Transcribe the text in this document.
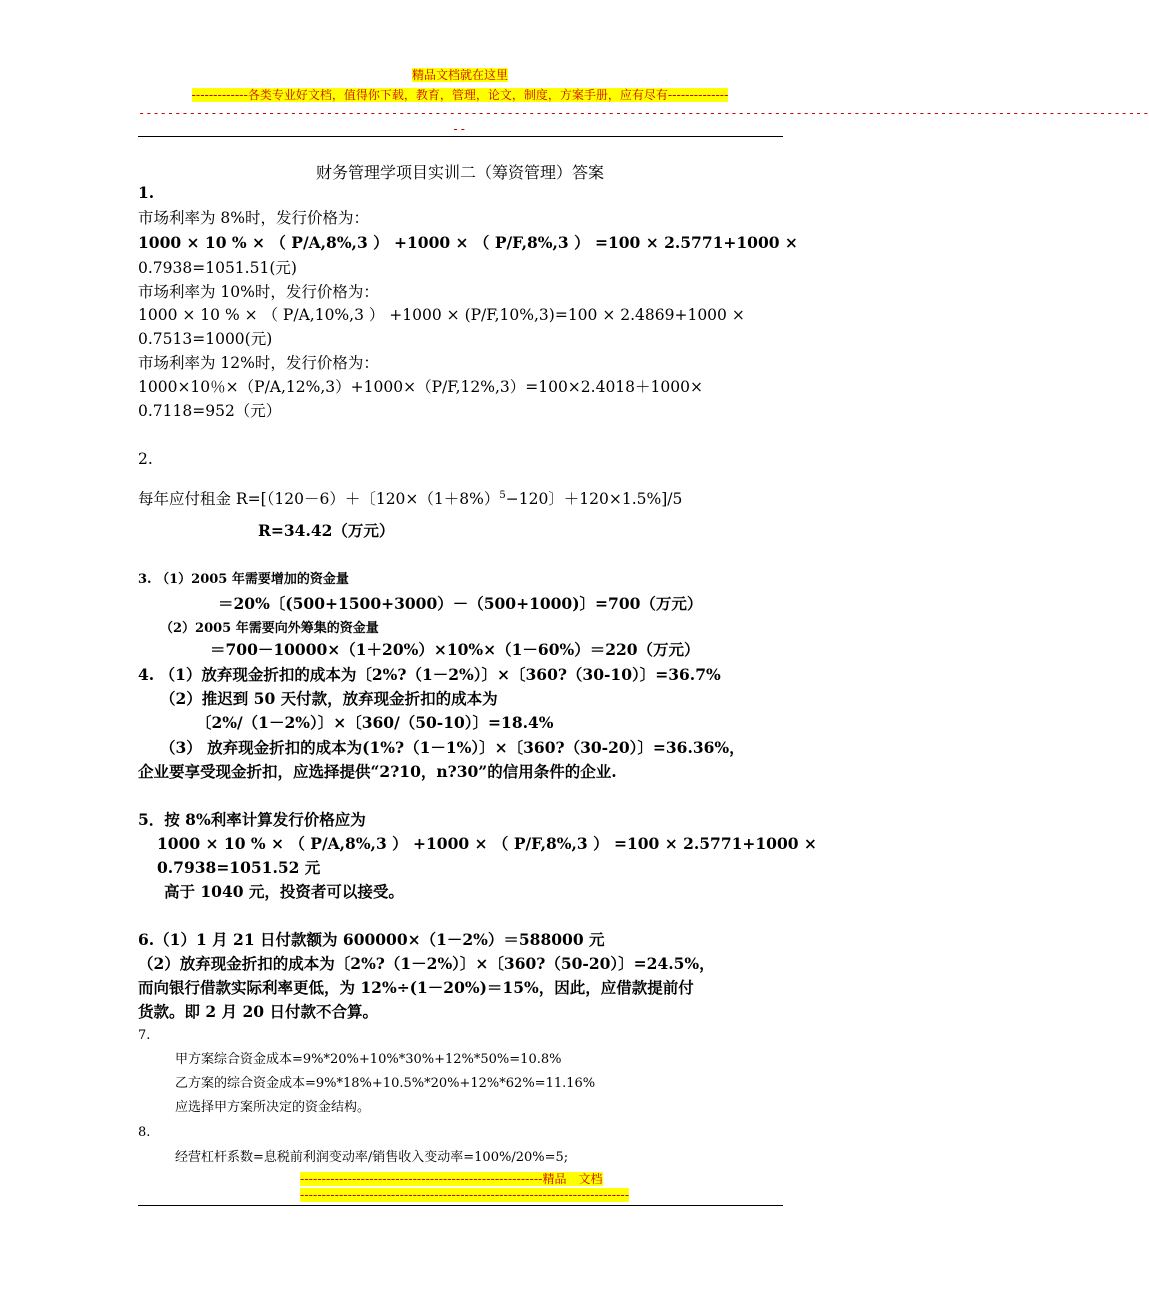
精品文档就在这里
-------------各类专业好文档，值得你下载，教育，管理，论文，制度，方案手册，应有尽有--------------
--------------------------------------------------------------------------------------------------------------------------------------------
--
财务管理学项目实训二（筹资管理）答案
1.
市场利率为 8%时，发行价格为：
1000 × 10 % × （ P/A,8%,3 ） +1000 × （ P/F,8%,3 ） =100 × 2.5771+1000 ×
0.7938=1051.51(元)
市场利率为 10%时，发行价格为：
1000 × 10 % × （ P/A,10%,3 ） +1000 × (P/F,10%,3)=100 × 2.4869+1000 ×
0.7513=1000(元)
市场利率为 12%时，发行价格为：
1000×10％×（P/A,12%,3）+1000×（P/F,12%,3）=100×2.4018＋1000×
0.7118=952（元）
2.
每年应付租金 R=[（120－6）＋〔$120\times(1+8\%)^5-120$〕＋120×1.5%]/5
R=34.42（万元）
3. （1）2005 年需要增加的资金量
＝20%〔(500+1500+3000）－（500+1000)〕=700（万元）
（2）2005 年需要向外筹集的资金量
＝700－10000×（1＋20%）×10%×（1－60%）＝220（万元）
4. （1）放弃现金折扣的成本为〔2%?（1－2%）〕×〔360?（30-10）〕=36.7%
（2）推迟到 50 天付款，放弃现金折扣的成本为
〔2%/（1－2%）〕×〔360/（50-10）〕=18.4%
（3） 放弃现金折扣的成本为(1%?（1－1%）〕×〔360?（30-20）〕=36.36%，
企业要享受现金折扣，应选择提供“2?10，n?30”的信用条件的企业.
5．按 8%利率计算发行价格应为
1000 × 10 % × （ P/A,8%,3 ） +1000 × （ P/F,8%,3 ） =100 × 2.5771+1000 ×
0.7938=1051.52 元
高于 1040 元，投资者可以接受。
6.（1）1 月 21 日付款额为 600000×（1－2%）＝588000 元
（2）放弃现金折扣的成本为〔2%?（1－2%）〕×〔360?（50-20）〕=24.5%，
而向银行借款实际利率更低，为 12%÷(1－20%)＝15%，因此，应借款提前付
货款。即 2 月 20 日付款不合算。
7.
甲方案综合资金成本=9%*20%+10%*30%+12%*50%=10.8%
乙方案的综合资金成本=9%*18%+10.5%*20%+12%*62%=11.16%
应选择甲方案所决定的资金结构。
8.
经营杠杆系数=息税前利润变动率/销售收入变动率=100%/20%=5;
--------------------------------------------------------精品　文档
----------------------------------------------------------------------------
